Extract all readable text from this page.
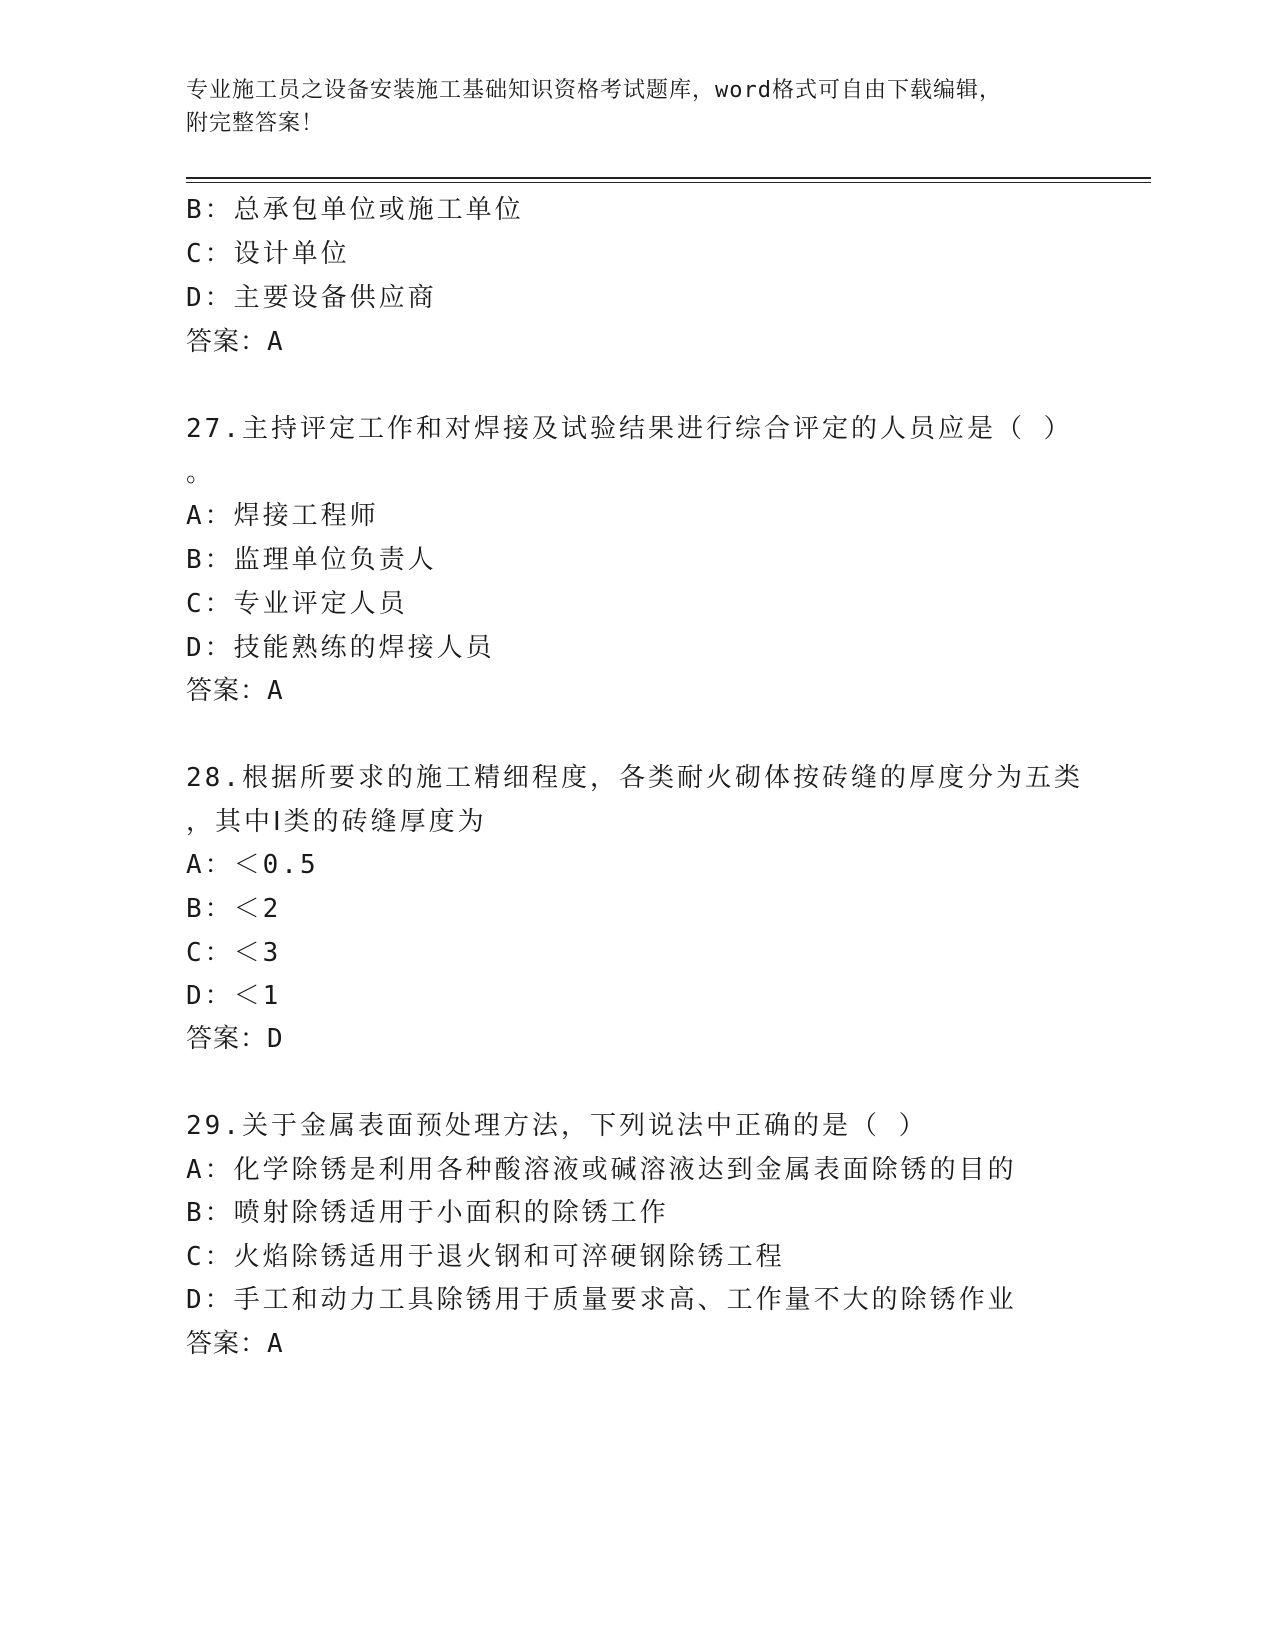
专业施工员之设备安装施工基础知识资格考试题库，word格式可自由下载编辑，
附完整答案！
B：总承包单位或施工单位
C：设计单位
D：主要设备供应商
答案：A
27.主持评定工作和对焊接及试验结果进行综合评定的人员应是（ ）
。
A：焊接工程师
B：监理单位负责人
C：专业评定人员
D：技能熟练的焊接人员
答案：A
28.根据所要求的施工精细程度，各类耐火砌体按砖缝的厚度分为五类
，其中Ⅰ类的砖缝厚度为
A：＜0.5
B：＜2
C：＜3
D：＜1
答案：D
29.关于金属表面预处理方法，下列说法中正确的是（ ）
A：化学除锈是利用各种酸溶液或碱溶液达到金属表面除锈的目的
B：喷射除锈适用于小面积的除锈工作
C：火焰除锈适用于退火钢和可淬硬钢除锈工程
D：手工和动力工具除锈用于质量要求高、工作量不大的除锈作业
答案：A
